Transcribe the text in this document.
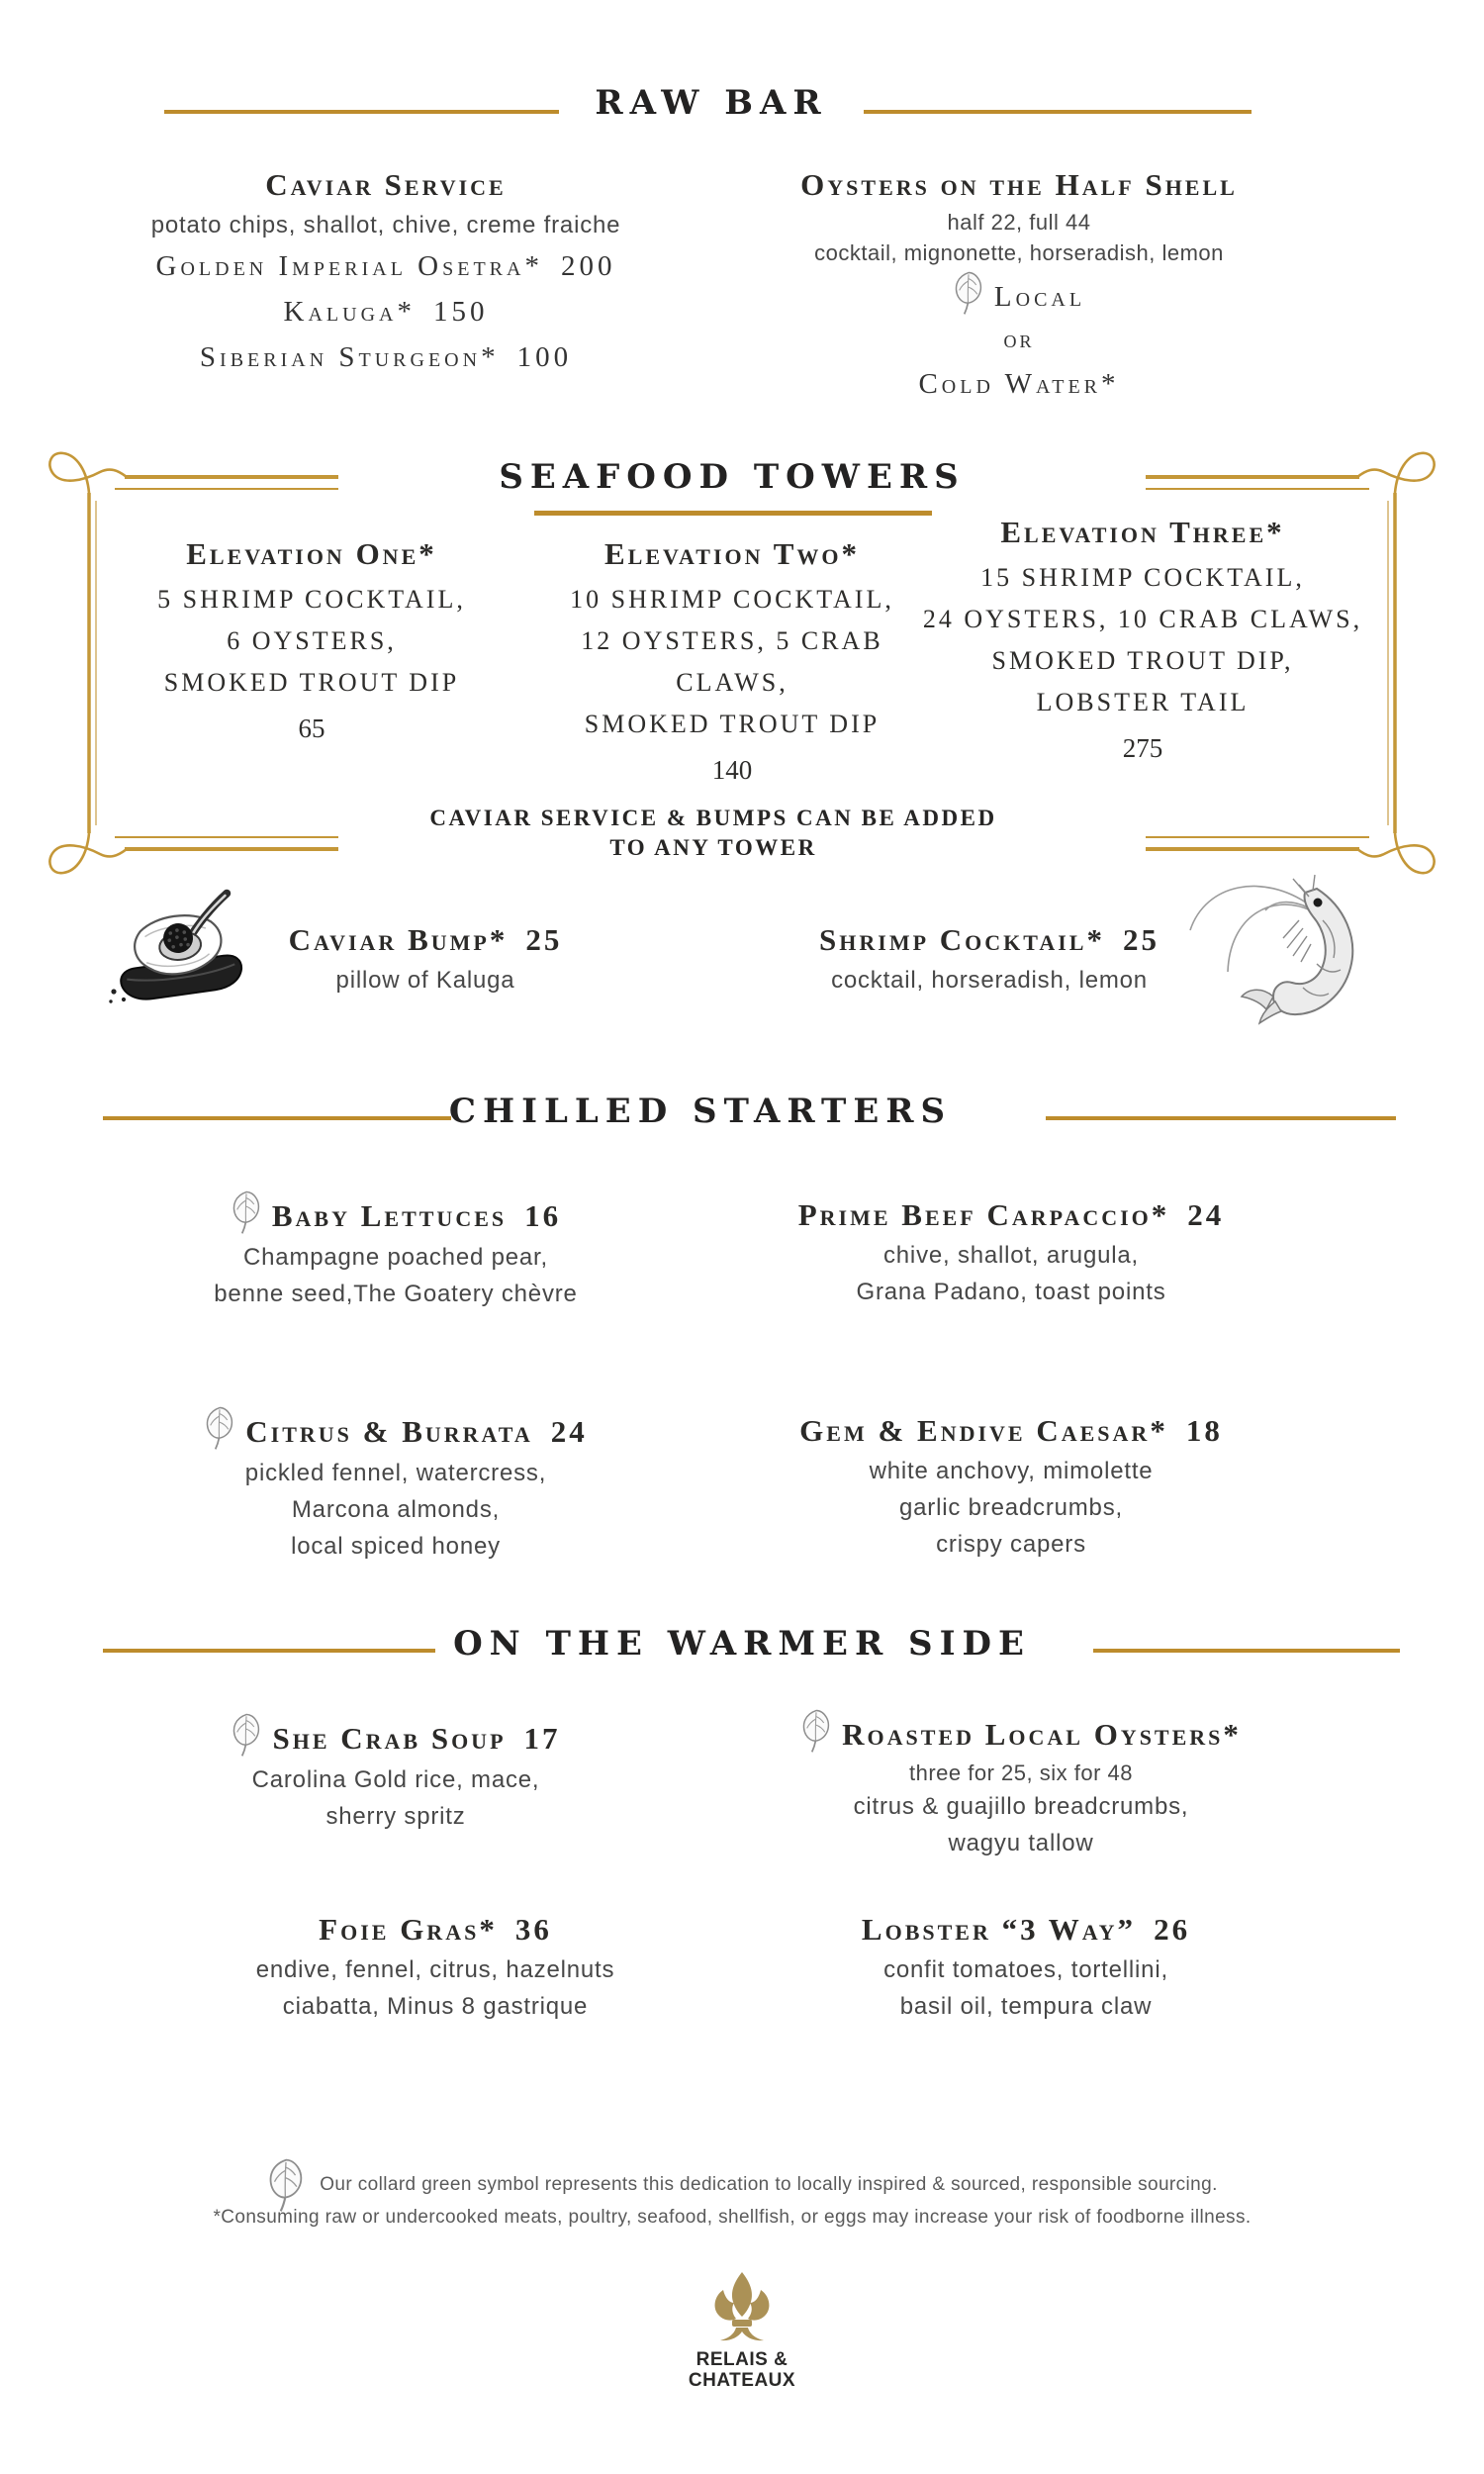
RAW BAR
Caviar Service
potato chips, shallot, chive, creme fraiche
Golden Imperial Osetra* 200
Kaluga* 150
Siberian Sturgeon* 100
Oysters on the Half Shell
half 22, full 44
cocktail, mignonette, horseradish, lemon
Local
or
Cold Water*
SEAFOOD TOWERS
Elevation One*
5 SHRIMP COCKTAIL,
6 OYSTERS,
SMOKED TROUT DIP
65
Elevation Two*
10 SHRIMP COCKTAIL,
12 OYSTERS, 5 CRAB CLAWS,
SMOKED TROUT DIP
140
Elevation Three*
15 SHRIMP COCKTAIL,
24 OYSTERS, 10 CRAB CLAWS,
SMOKED TROUT DIP,
LOBSTER TAIL
275
CAVIAR SERVICE & BUMPS CAN BE ADDED
TO ANY TOWER
Caviar Bump* 25
pillow of Kaluga
Shrimp Cocktail* 25
cocktail, horseradish, lemon
CHILLED STARTERS
Baby Lettuces 16
Champagne poached pear,
benne seed,The Goatery chèvre
Prime Beef Carpaccio* 24
chive, shallot, arugula,
Grana Padano, toast points
Citrus & Burrata 24
pickled fennel, watercress,
Marcona almonds,
local spiced honey
Gem & Endive Caesar* 18
white anchovy, mimolette
garlic breadcrumbs,
crispy capers
ON THE WARMER SIDE
She Crab Soup 17
Carolina Gold rice, mace,
sherry spritz
Roasted Local Oysters*
three for 25, six for 48
citrus & guajillo breadcrumbs,
wagyu tallow
Foie Gras* 36
endive, fennel, citrus, hazelnuts
ciabatta, Minus 8 gastrique
Lobster “3 Way” 26
confit tomatoes, tortellini,
basil oil, tempura claw
Our collard green symbol represents this dedication to locally inspired & sourced, responsible sourcing.
*Consuming raw or undercooked meats, poultry, seafood, shellfish, or eggs may increase your risk of foodborne illness.
RELAIS &
CHATEAUX
